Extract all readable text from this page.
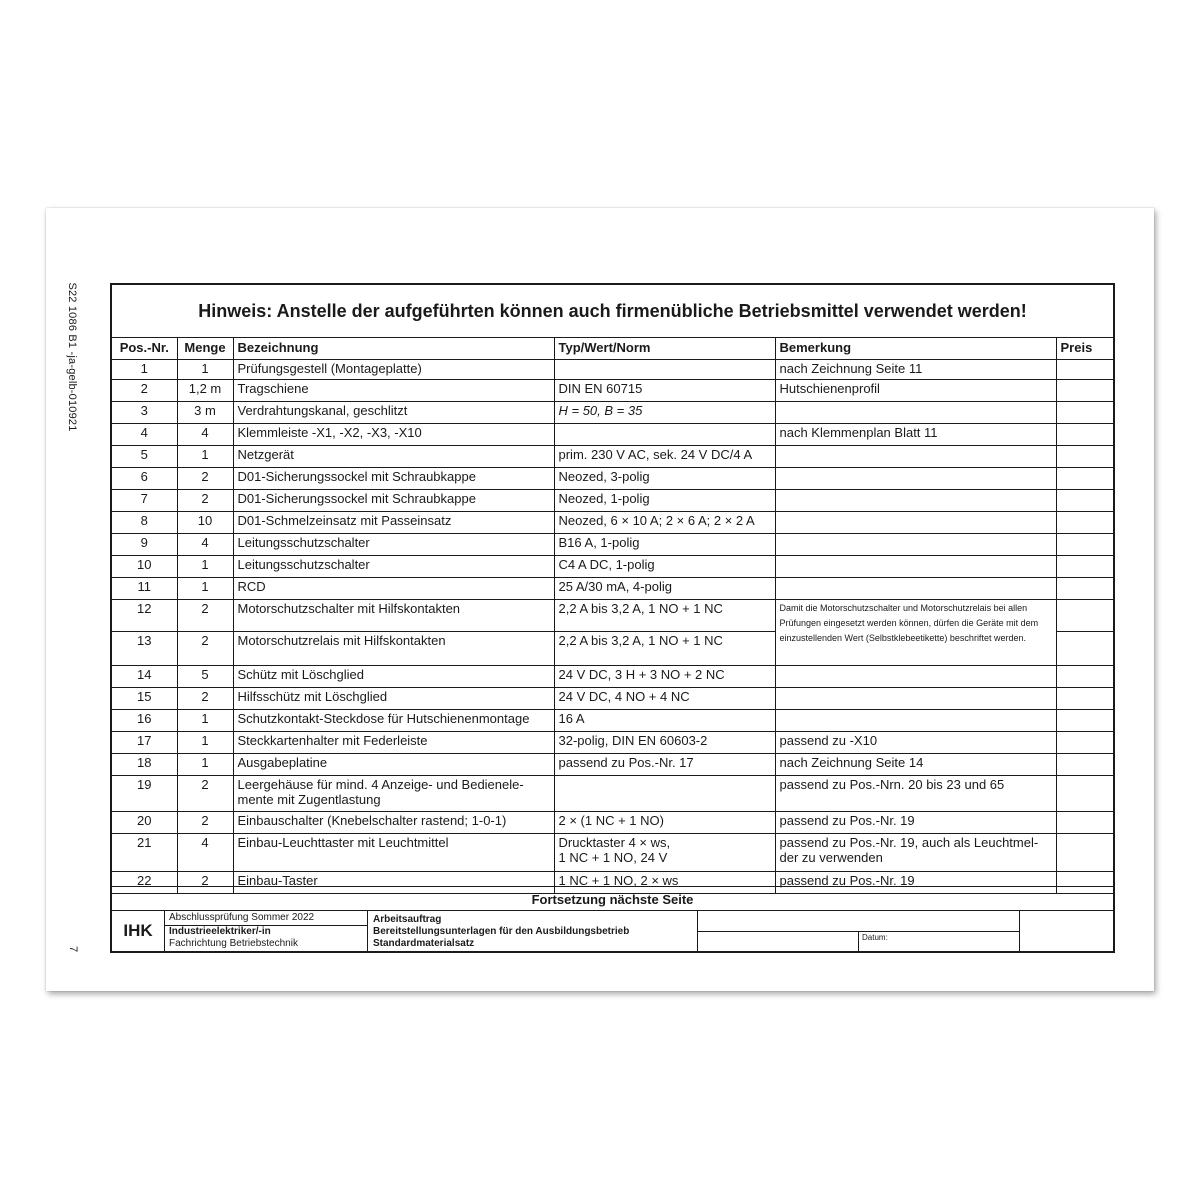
S22 1086 B1 -ja-gelb-010921
7
Hinweis: Anstelle der aufgeführten können auch firmenübliche Betriebsmittel verwendet werden!
Pos.-Nr.	Menge	Bezeichnung	Typ/Wert/Norm	Bemerkung	Preis
1	1	Prüfungsgestell (Montageplatte)		nach Zeichnung Seite 11	
2	1,2 m	Tragschiene	DIN EN 60715	Hutschienenprofil	
3	3 m	Verdrahtungskanal, geschlitzt	H = 50, B = 35		
4	4	Klemmleiste -X1, -X2, -X3, -X10		nach Klemmenplan Blatt 11	
5	1	Netzgerät	prim. 230 V AC, sek. 24 V DC/4 A		
6	2	D01-Sicherungssockel mit Schraubkappe	Neozed, 3-polig		
7	2	D01-Sicherungssockel mit Schraubkappe	Neozed, 1-polig		
8	10	D01-Schmelzeinsatz mit Passeinsatz	Neozed, 6 × 10 A; 2 × 6 A; 2 × 2 A		
9	4	Leitungsschutzschalter	B16 A, 1-polig		
10	1	Leitungsschutzschalter	C4 A DC, 1-polig		
11	1	RCD	25 A/30 mA, 4-polig		
12	2	Motorschutzschalter mit Hilfskontakten	2,2 A bis 3,2 A, 1 NO + 1 NC	Damit die Motorschutzschalter und Motorschutzrelais bei allen Prüfungen eingesetzt werden können, dürfen die Geräte mit dem einzustellenden Wert (Selbstklebeetikette) beschriftet werden.	
13	2	Motorschutzrelais mit Hilfskontakten	2,2 A bis 3,2 A, 1 NO + 1 NC		
14	5	Schütz mit Löschglied	24 V DC, 3 H + 3 NO + 2 NC		
15	2	Hilfsschütz mit Löschglied	24 V DC, 4 NO + 4 NC		
16	1	Schutzkontakt-Steckdose für Hutschienenmontage	16 A		
17	1	Steckkartenhalter mit Federleiste	32-polig, DIN EN 60603-2	passend zu -X10	
18	1	Ausgabeplatine	passend zu Pos.-Nr. 17	nach Zeichnung Seite 14	
19	2	Leergehäuse für mind. 4 Anzeige- und Bedienele-
mente mit Zugentlastung		passend zu Pos.-Nrn. 20 bis 23 und 65	
20	2	Einbauschalter (Knebelschalter rastend; 1-0-1)	2 × (1 NC + 1 NO)	passend zu Pos.-Nr. 19	
21	4	Einbau-Leuchttaster mit Leuchtmittel	Drucktaster 4 × ws,
1 NC + 1 NO, 24 V	passend zu Pos.-Nr. 19, auch als Leuchtmel-
der zu verwenden	
22	2	Einbau-Taster	1 NC + 1 NO, 2 × ws	passend zu Pos.-Nr. 19	
Fortsetzung nächste Seite
IHK
Abschlussprüfung Sommer 2022
Industrieelektriker/-in
Fachrichtung Betriebstechnik
Arbeitsauftrag
Bereitstellungsunterlagen für den Ausbildungsbetrieb
Standardmaterialsatz
Datum:
